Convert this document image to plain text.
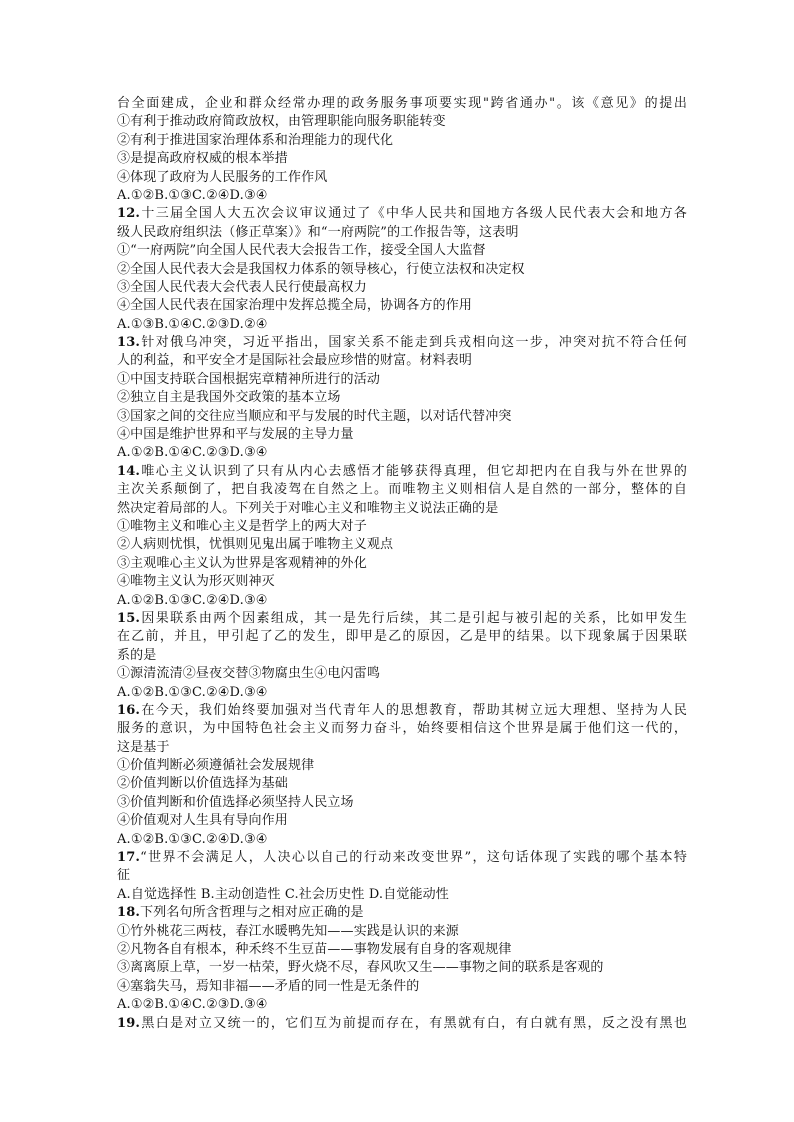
台全面建成，企业和群众经常办理的政务服务事项要实现"跨省通办"。该《意见》的提出
①有利于推动政府简政放权，由管理职能向服务职能转变
②有利于推进国家治理体系和治理能力的现代化
③是提高政府权威的根本举措
④体现了政府为人民服务的工作作风
A.①②B.①③C.②④D.③④
12.十三届全国人大五次会议审议通过了《中华人民共和国地方各级人民代表大会和地方各
级人民政府组织法（修正草案）》和“一府两院”的工作报告等，这表明
①“一府两院”向全国人民代表大会报告工作，接受全国人大监督
②全国人民代表大会是我国权力体系的领导核心，行使立法权和决定权
③全国人民代表大会代表人民行使最高权力
④全国人民代表在国家治理中发挥总揽全局，协调各方的作用
A.①③B.①④C.②③D.②④
13.针对俄乌冲突，习近平指出，国家关系不能走到兵戎相向这一步，冲突对抗不符合任何
人的利益，和平安全才是国际社会最应珍惜的财富。材料表明
①中国支持联合国根据宪章精神所进行的活动
②独立自主是我国外交政策的基本立场
③国家之间的交往应当顺应和平与发展的时代主题，以对话代替冲突
④中国是维护世界和平与发展的主导力量
A.①②B.①④C.②③D.③④
14.唯心主义认识到了只有从内心去感悟才能够获得真理，但它却把内在自我与外在世界的
主次关系颠倒了，把自我凌驾在自然之上。而唯物主义则相信人是自然的一部分，整体的自
然决定着局部的人。下列关于对唯心主义和唯物主义说法正确的是
①唯物主义和唯心主义是哲学上的两大对子
②人病则忧惧，忧惧则见鬼出属于唯物主义观点
③主观唯心主义认为世界是客观精神的外化
④唯物主义认为形灭则神灭
A.①②B.①③C.②④D.③④
15.因果联系由两个因素组成，其一是先行后续，其二是引起与被引起的关系，比如甲发生
在乙前，并且，甲引起了乙的发生，即甲是乙的原因，乙是甲的结果。以下现象属于因果联
系的是
①源清流清②昼夜交替③物腐虫生④电闪雷鸣
A.①②B.①③C.②④D.③④
16.在今天，我们始终要加强对当代青年人的思想教育，帮助其树立远大理想、坚持为人民
服务的意识，为中国特色社会主义而努力奋斗，始终要相信这个世界是属于他们这一代的，
这是基于
①价值判断必须遵循社会发展规律
②价值判断以价值选择为基础
③价值判断和价值选择必须坚持人民立场
④价值观对人生具有导向作用
A.①②B.①③C.②④D.③④
17.“世界不会满足人，人决心以自己的行动来改变世界”，这句话体现了实践的哪个基本特
征
A.自觉选择性 B.主动创造性 C.社会历史性 D.自觉能动性
18.下列名句所含哲理与之相对应正确的是
①竹外桃花三两枝，春江水暖鸭先知——实践是认识的来源
②凡物各自有根本，种禾终不生豆苗——事物发展有自身的客观规律
③离离原上草，一岁一枯荣，野火烧不尽，春风吹又生——事物之间的联系是客观的
④塞翁失马，焉知非福——矛盾的同一性是无条件的
A.①②B.①④C.②③D.③④
19.黑白是对立又统一的，它们互为前提而存在，有黑就有白，有白就有黑，反之没有黑也
